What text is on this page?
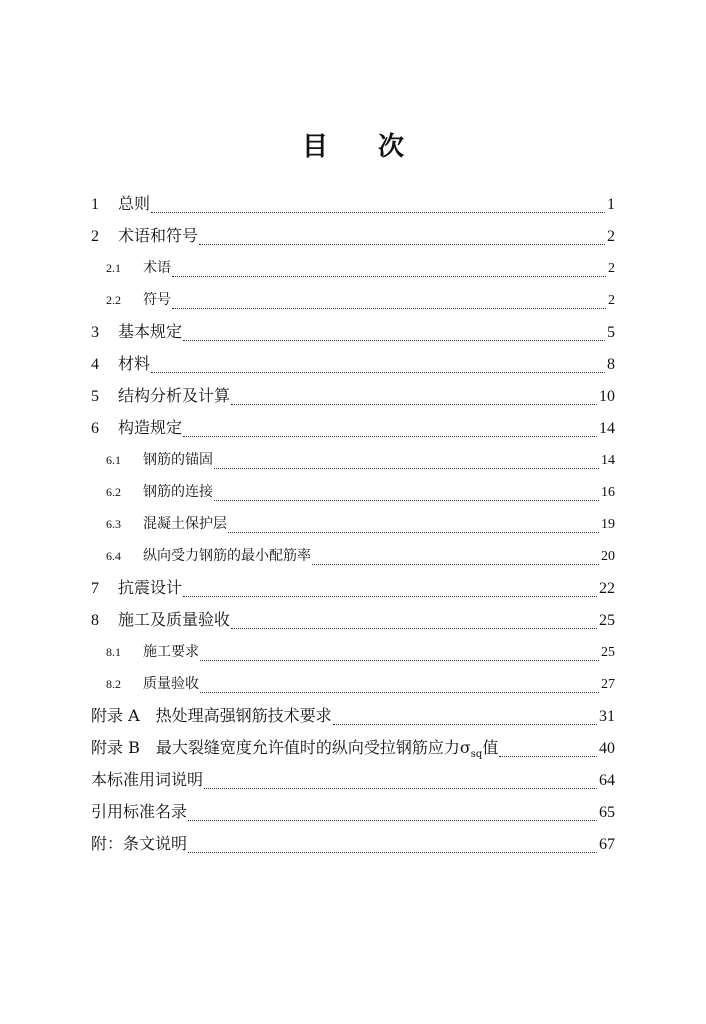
目 次
1	总则	1
2	术语和符号	2
2.1	术语	2
2.2	符号	2
3	基本规定	5
4	材料	8
5	结构分析及计算	10
6	构造规定	14
6.1	钢筋的锚固	14
6.2	钢筋的连接	16
6.3	混凝土保护层	19
6.4	纵向受力钢筋的最小配筋率	20
7	抗震设计	22
8	施工及质量验收	25
8.1	施工要求	25
8.2	质量验收	27
附录 A 热处理高强钢筋技术要求	31
附录 B 最大裂缝宽度允许值时的纵向受拉钢筋应力$\sigma_{sq}$值	40
本标准用词说明	64
引用标准名录	65
附：条文说明	67
